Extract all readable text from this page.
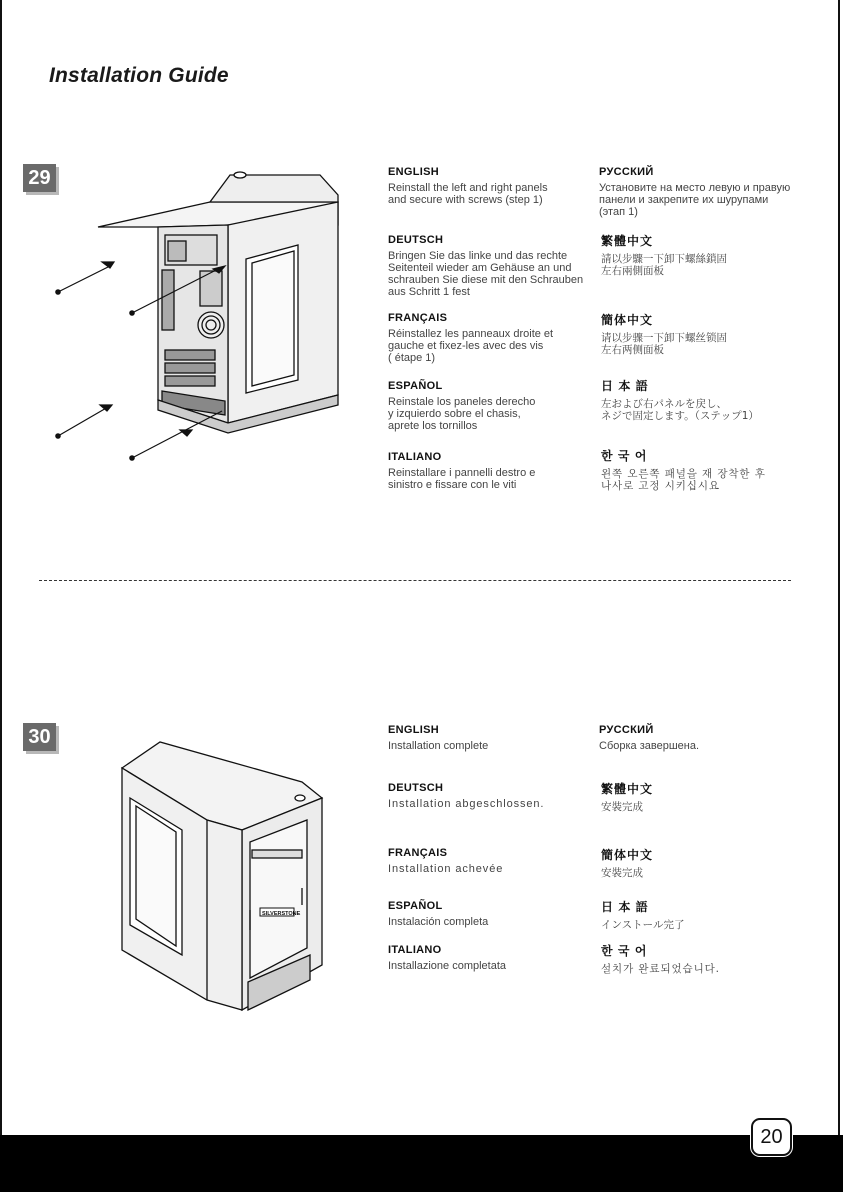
Installation Guide
29	ENGLISH
Reinstall the left and right panels
and secure with screws (step 1)
DEUTSCH
Bringen Sie das linke und das rechte
Seitenteil wieder am Gehäuse an und
schrauben Sie diese mit den Schrauben
aus Schritt 1 fest
FRANÇAIS
Réinstallez les panneaux droite et
gauche et fixez-les avec des vis
( étape 1)
ESPAÑOL
Reinstale los paneles derecho
y izquierdo sobre el chasis,
aprete los tornillos
ITALIANO
Reinstallare i pannelli destro e
sinistro e fissare con le viti
РУССКИЙ
Установите на место левую и правую
панели и закрепите их шурупами
(этап 1)
繁體中文
請以步驟一下卸下螺絲鎖固
左右兩側面板
簡体中文
请以步骤一下卸下螺丝锁固
左右两侧面板
日 本 語
左および右パネルを戻し、
ネジで固定します。（ステップ1）
한 국 어
왼쪽 오른쪽 패널을 재 장착한 후
나사로 고정 시키십시요
30
SILVERSTONE
ENGLISH
Installation complete
DEUTSCH
Installation abgeschlossen.
FRANÇAIS
Installation achevée
ESPAÑOL
Instalación completa
ITALIANO
Installazione completata
РУССКИЙ
Сборка завершена.
繁體中文
安裝完成
簡体中文
安裝完成
日 本 語
インストール完了
한 국 어
설치가 완료되었습니다.
20
